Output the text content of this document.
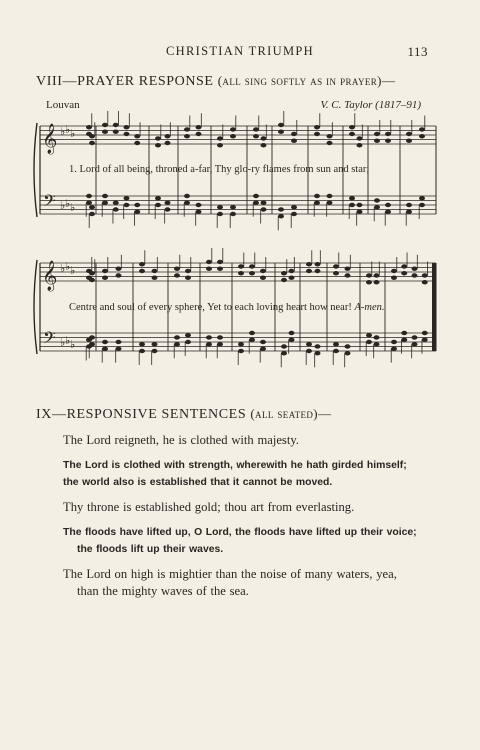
CHRISTIAN TRIUMPH	113
VIII—PRAYER RESPONSE (all sing softly as in prayer)—
Louvan	V. C. Taylor (1817–91)
𝄞
𝄢
♭ ♭ ♭
♭ ♭ ♭
𝄞
𝄢
♭ ♭ ♭
♭ ♭ ♭
1. Lord of all being, throned a-far, Thy glo-ry flames from sun and star;
Centre and soul of every sphere, Yet to each loving heart how near! A-men.
IX—RESPONSIVE SENTENCES (all seated)—
The Lord reigneth, he is clothed with majesty.
The Lord is clothed with strength, wherewith he hath girded himself;
the world also is established that it cannot be moved.
Thy throne is established gold; thou art from everlasting.
The floods have lifted up, O Lord, the floods have lifted up their voice;
the floods lift up their waves.
The Lord on high is mightier than the noise of many waters, yea,
than the mighty waves of the sea.
